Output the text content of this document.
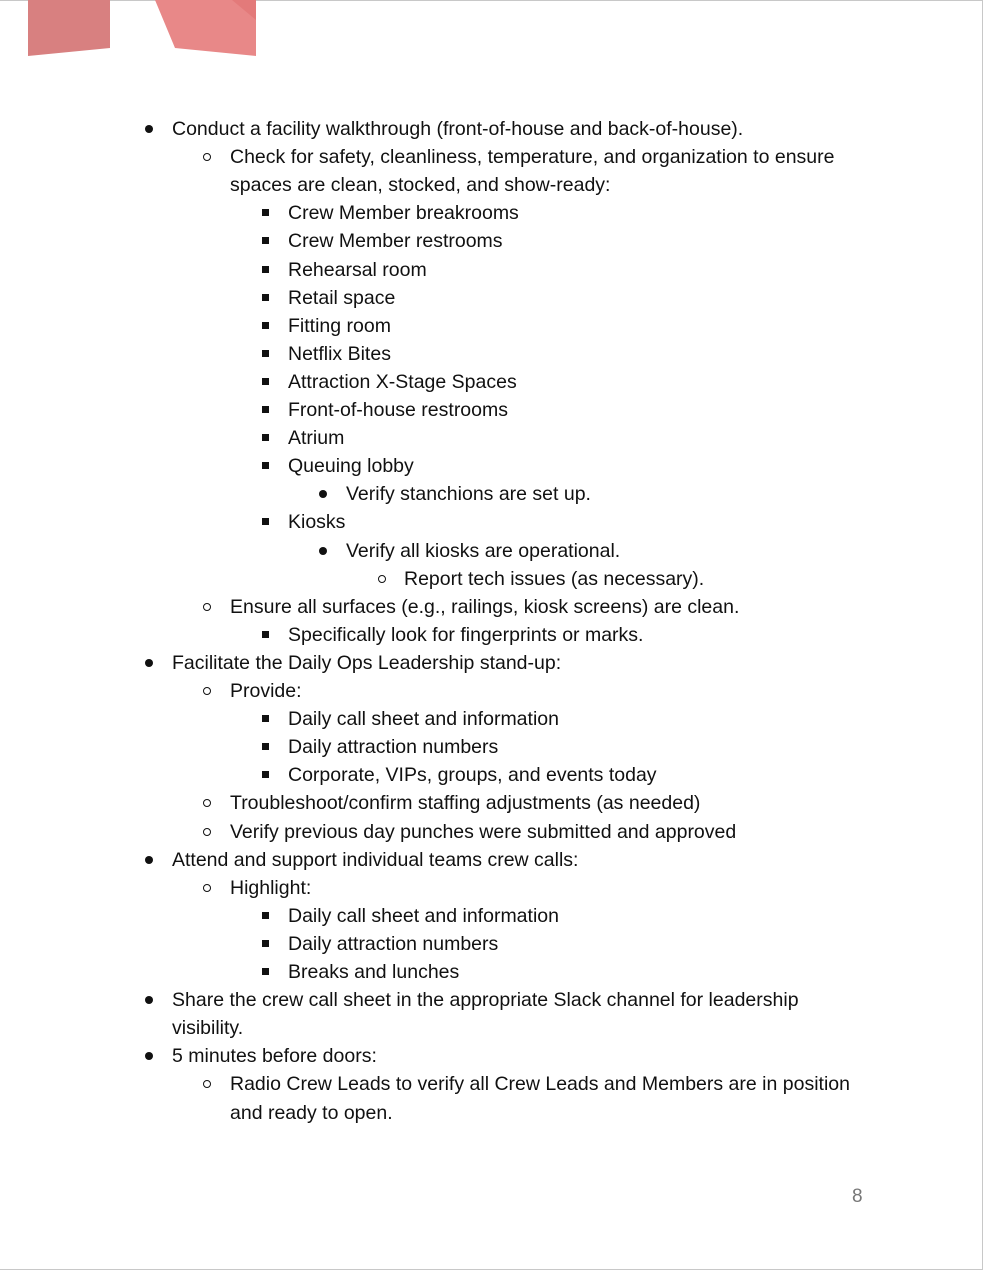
Conduct a facility walkthrough (front-of-house and back-of-house).
Check for safety, cleanliness, temperature, and organization to ensure
spaces are clean, stocked, and show-ready:
Crew Member breakrooms
Crew Member restrooms
Rehearsal room
Retail space
Fitting room
Netflix Bites
Attraction X-Stage Spaces
Front-of-house restrooms
Atrium
Queuing lobby
Verify stanchions are set up.
Kiosks
Verify all kiosks are operational.
Report tech issues (as necessary).
Ensure all surfaces (e.g., railings, kiosk screens) are clean.
Specifically look for fingerprints or marks.
Facilitate the Daily Ops Leadership stand-up:
Provide:
Daily call sheet and information
Daily attraction numbers
Corporate, VIPs, groups, and events today
Troubleshoot/confirm staffing adjustments (as needed)
Verify previous day punches were submitted and approved
Attend and support individual teams crew calls:
Highlight:
Daily call sheet and information
Daily attraction numbers
Breaks and lunches
Share the crew call sheet in the appropriate Slack channel for leadership
visibility.
5 minutes before doors:
Radio Crew Leads to verify all Crew Leads and Members are in position
and ready to open.
8
